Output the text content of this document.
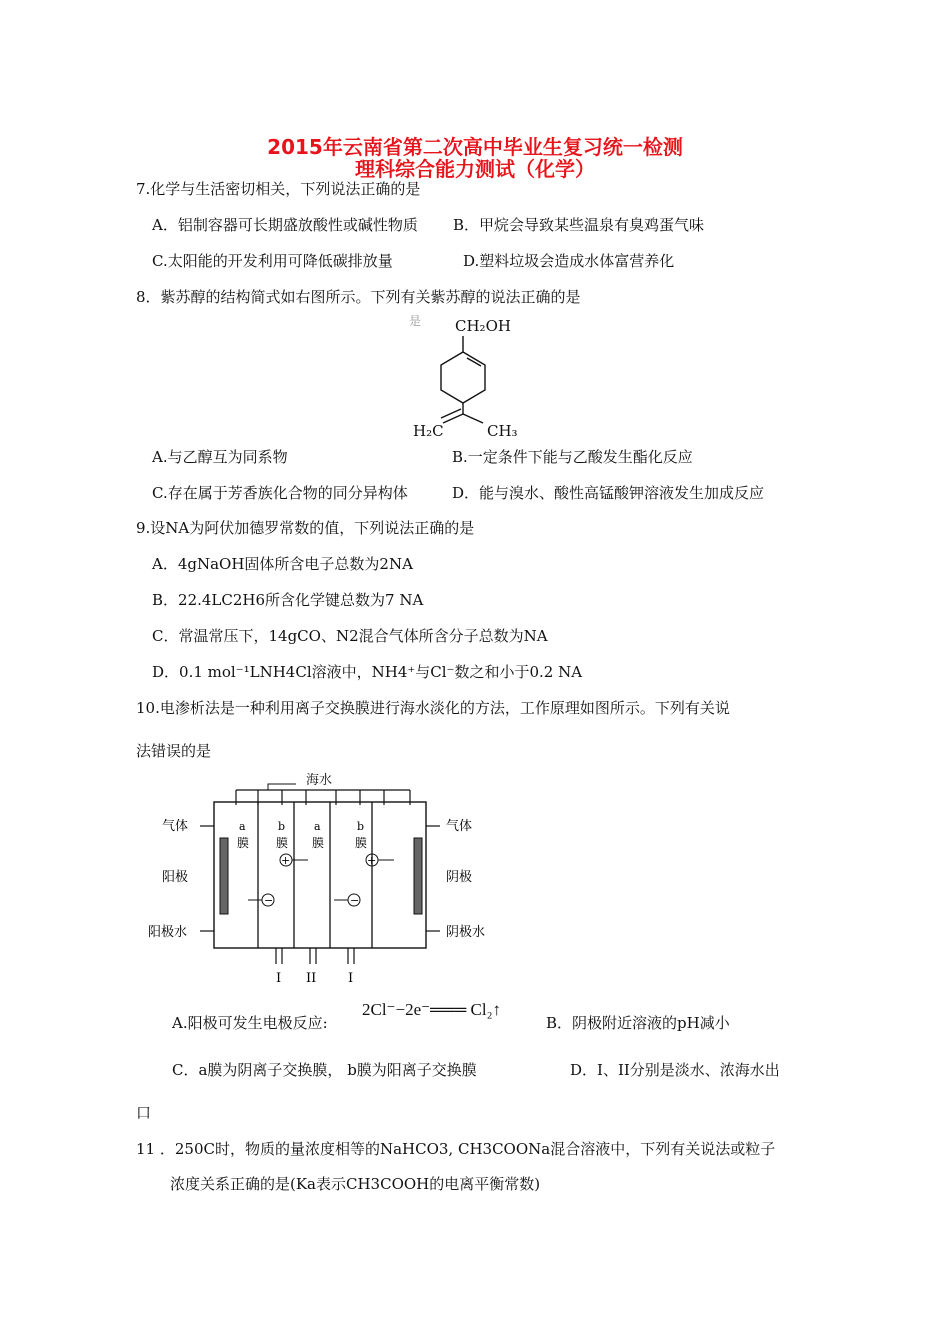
2015年云南省第二次高中毕业生复习统一检测
理科综合能力测试（化学）
7.化学与生活密切相关，下列说法正确的是
A．铝制容器可长期盛放酸性或碱性物质 B．甲烷会导致某些温泉有臭鸡蛋气味
C.太阳能的开发利用可降低碳排放量	D.塑料垃圾会造成水体富营养化
8．紫苏醇的结构简式如右图所示。下列有关紫苏醇的说法正确的是
是 CH₂OH
H₂C	CH₃
A.与乙醇互为同系物	B.一定条件下能与乙酸发生酯化反应
C.存在属于芳香族化合物的同分异构体	D．能与溴水、酸性高锰酸钾溶液发生加成反应
9.设NA为阿伏加德罗常数的值，下列说法正确的是
A．4gNaOH固体所含电子总数为2NA
B．22.4LC2H6所含化学键总数为7 NA
C．常温常压下，14gCO、N2混合气体所含分子总数为NA
D．0.1 mol⁻¹LNH4Cl溶液中，NH4⁺与Cl⁻数之和小于0.2 NA
10.电渗析法是一种利用离子交换膜进行海水淡化的方法，工作原理如图所示。下列有关说
法错误的是
海水
a
膜
b
膜
a
膜
b
膜
+	+
−	−
气体	气体
阳极	阴极
阳极水	阴极水
I II I
A.阳极可发生电极反应:
2Cl⁻−2e⁻═══ Cl₂↑
B．阴极附近溶液的pH减小
C．a膜为阴离子交换膜， b膜为阳离子交换膜	D．I、II分别是淡水、浓海水出
口
11 ．250C时，物质的量浓度相等的NaHCO3, CH3COONa混合溶液中，下列有关说法或粒子
浓度关系正确的是(Ka表示CH3COOH的电离平衡常数)
